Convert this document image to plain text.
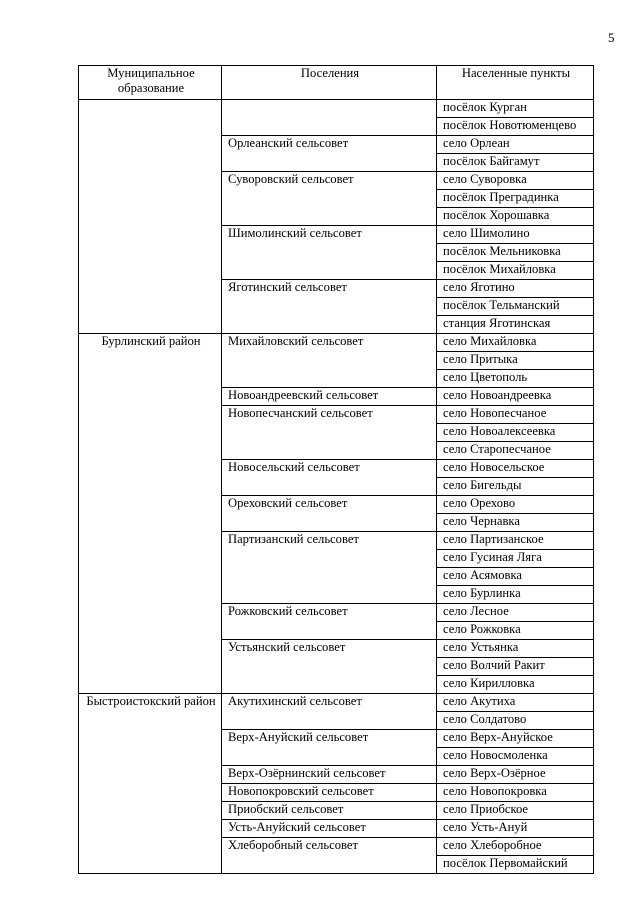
5
Муниципальное образование	Поселения	Населенные пункты
		посёлок Курган
		посёлок Новотюменцево
	Орлеанский сельсовет	село Орлеан
		посёлок Байгамут
	Суворовский сельсовет	село Суворовка
		посёлок Преградинка
		посёлок Хорошавка
	Шимолинский сельсовет	село Шимолино
		посёлок Мельниковка
		посёлок Михайловка
	Яготинский сельсовет	село Яготино
		посёлок Тельманский
		станция Яготинская
Бурлинский район	Михайловский сельсовет	село Михайловка
		село Притыка
		село Цветополь
	Новоандреевский сельсовет	село Новоандреевка
	Новопесчанский сельсовет	село Новопесчаное
		село Новоалексеевка
		село Старопесчаное
	Новосельский сельсовет	село Новосельское
		село Бигельды
	Ореховский сельсовет	село Орехово
		село Чернавка
	Партизанский сельсовет	село Партизанское
		село Гусиная Ляга
		село Асямовка
		село Бурлинка
	Рожковский сельсовет	село Лесное
		село Рожковка
	Устьянский сельсовет	село Устьянка
		село Волчий Ракит
		село Кирилловка
Быстроистокский район	Акутихинский сельсовет	село Акутиха
		село Солдатово
	Верх-Ануйский сельсовет	село Верх-Ануйское
		село Новосмоленка
	Верх-Озёрнинский сельсовет	село Верх-Озёрное
	Новопокровский сельсовет	село Новопокровка
	Приобский сельсовет	село Приобское
	Усть-Ануйский сельсовет	село Усть-Ануй
	Хлеборобный сельсовет	село Хлеборобное
		посёлок Первомайский
